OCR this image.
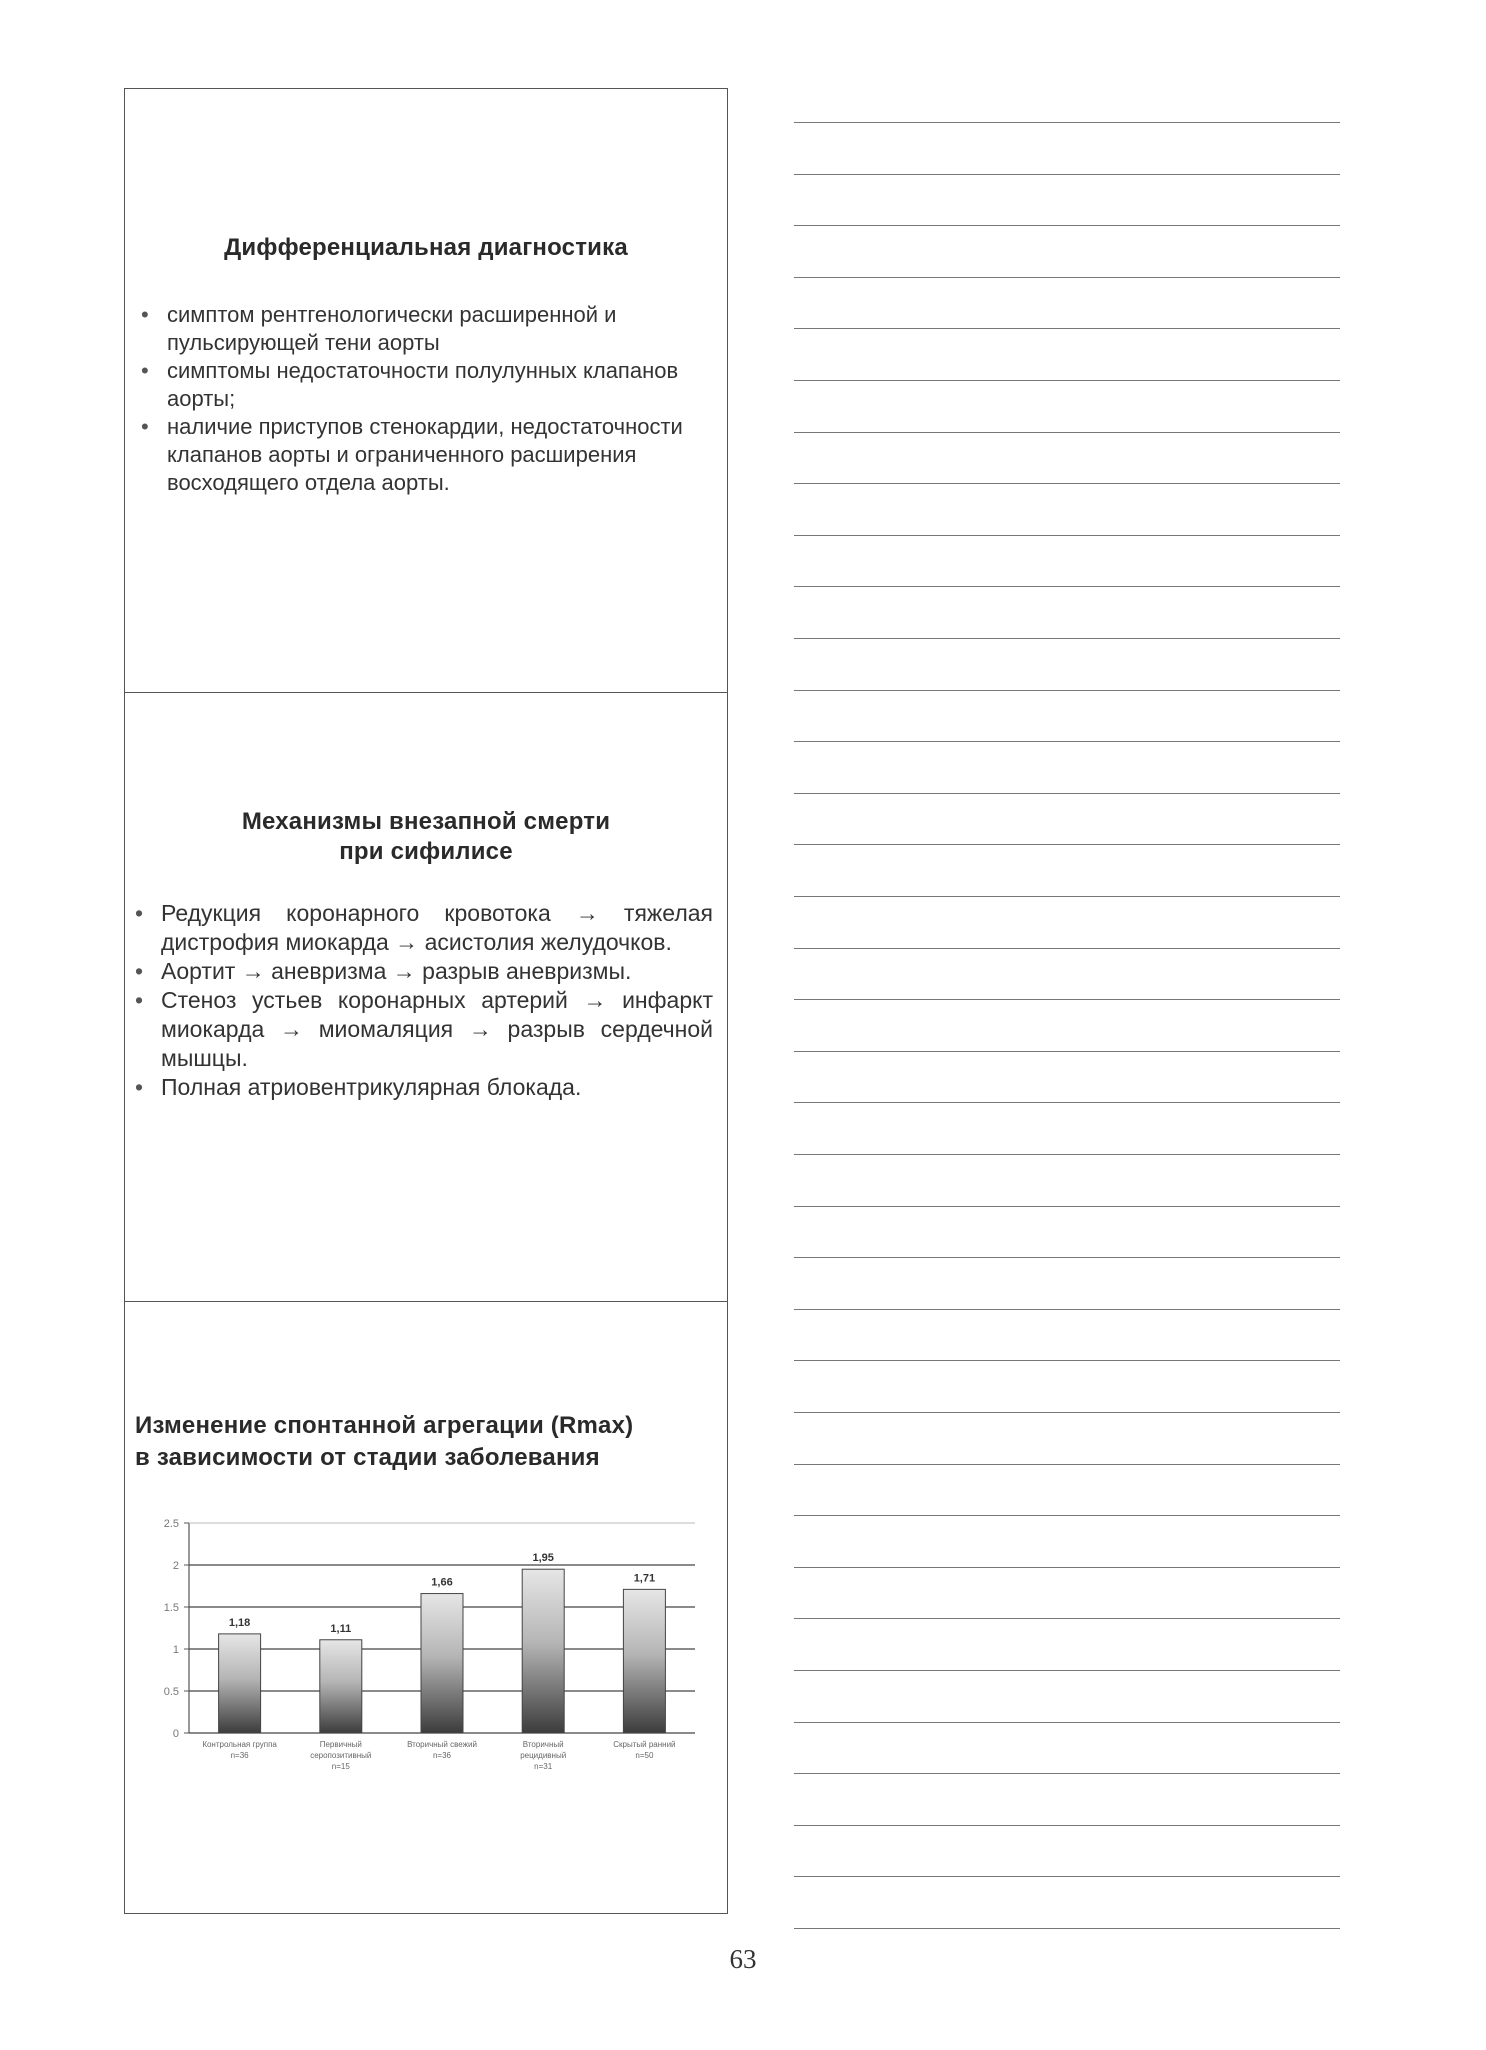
Дифференциальная диагностика
• симптом рентгенологически расширенной и пульсирующей тени аорты
• симптомы недостаточности полулунных клапанов аорты;
• наличие приступов стенокардии, недостаточности клапанов аорты и ограниченного расширения восходящего отдела аорты.
Механизмы внезапной смерти
при сифилисе
• Редукция коронарного кровотока → тяжелая дистрофия миокарда → асистолия желудочков.
• Аортит → аневризма → разрыв аневризмы.
• Стеноз устьев коронарных артерий → инфаркт миокарда → миомаляция → разрыв сердечной мышцы.
• Полная атриовентрикулярная блокада.
Изменение спонтанной агрегации (Rmax)
в зависимости от стадии заболевания
0
0.5
1
1.5
2
2.5
1,18
Контрольная группа
n=36
1,11
Первичный
серопозитивный
n=15
1,66
Вторичный свежий
n=36
1,95
Вторичный
рецидивный
n=31
1,71
Скрытый ранний
n=50
63
